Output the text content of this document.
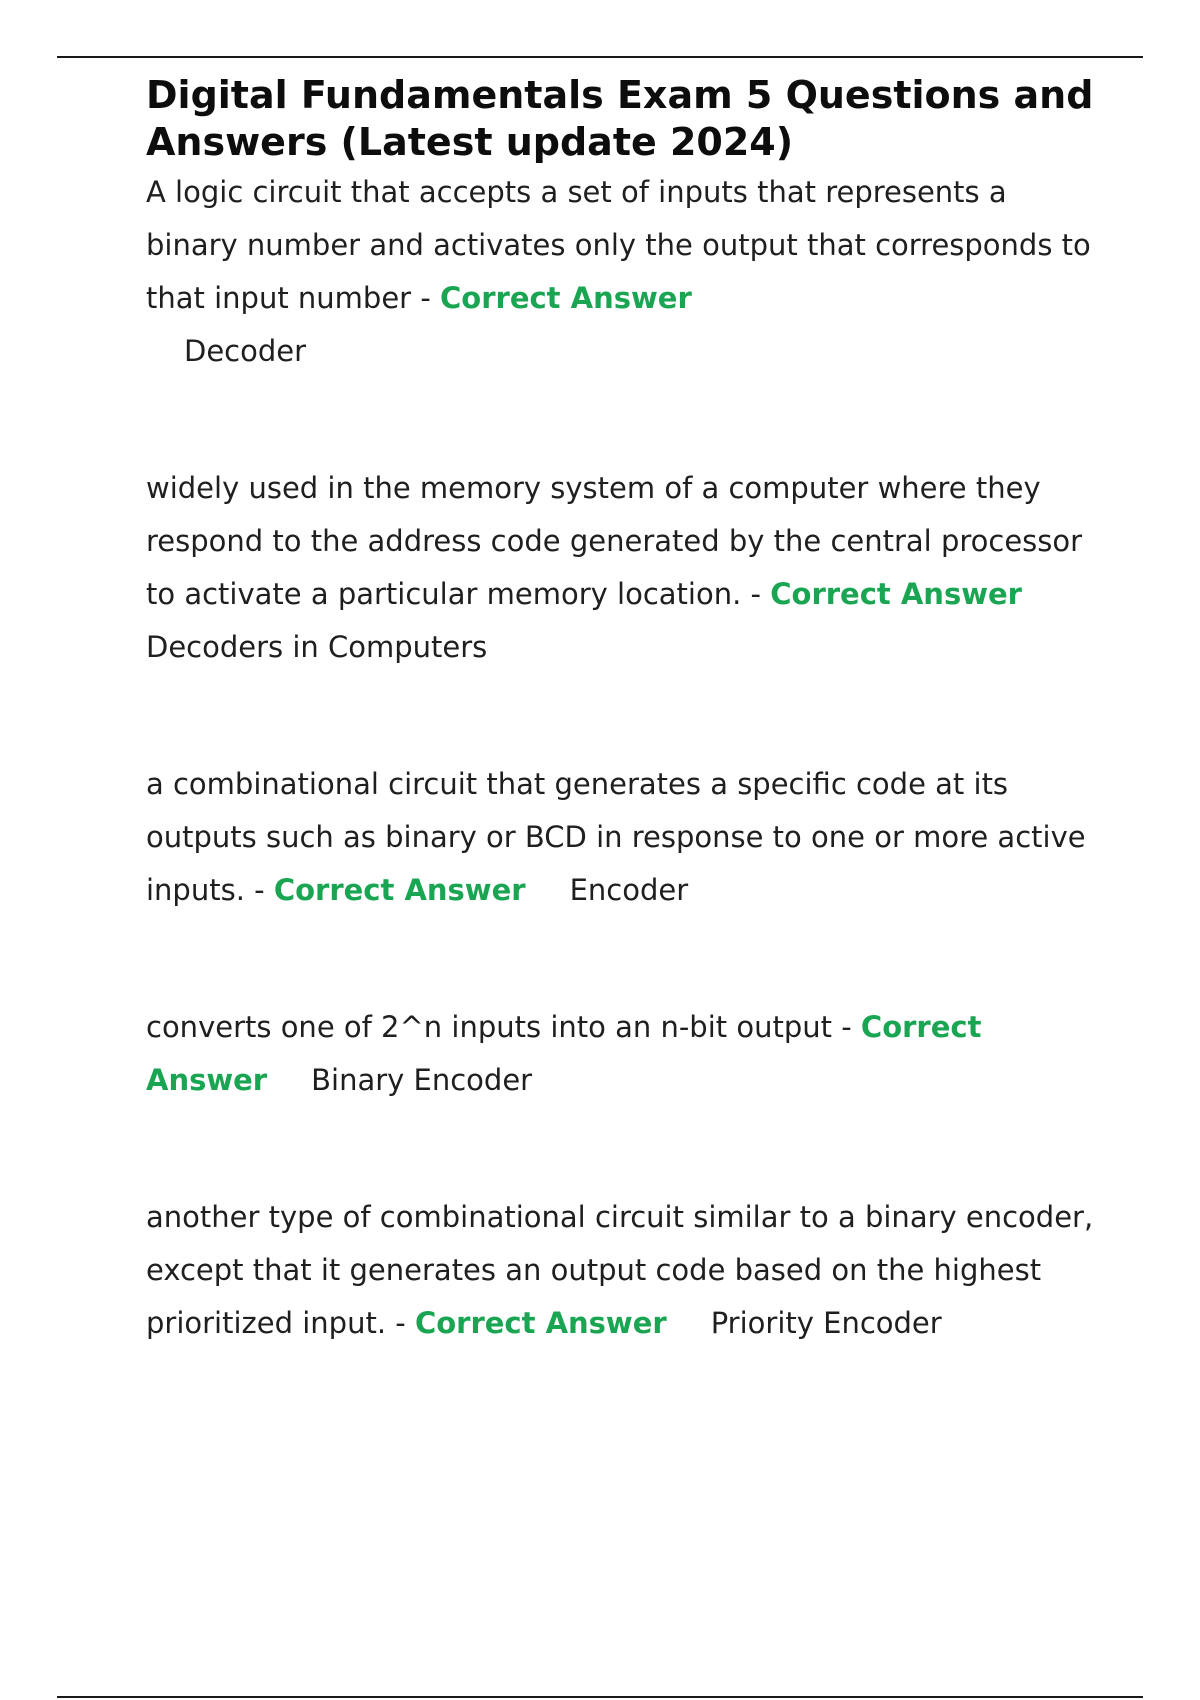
Digital Fundamentals Exam 5 Questions and Answers (Latest update 2024)

A logic circuit that accepts a set of inputs that represents a binary number and activates only the output that corresponds to that input number - Correct Answer
Decoder

widely used in the memory system of a computer where they respond to the address code generated by the central processor to activate a particular memory location. - Correct AnswerDecoders in Computers

a combinational circuit that generates a specific code at its outputs such as binary or BCD in response to one or more active inputs. - Correct Answer Encoder

converts one of 2^n inputs into an n-bit output - Correct Answer Binary Encoder

another type of combinational circuit similar to a binary encoder, except that it generates an output code based on the highest prioritized input. - Correct Answer Priority Encoder
